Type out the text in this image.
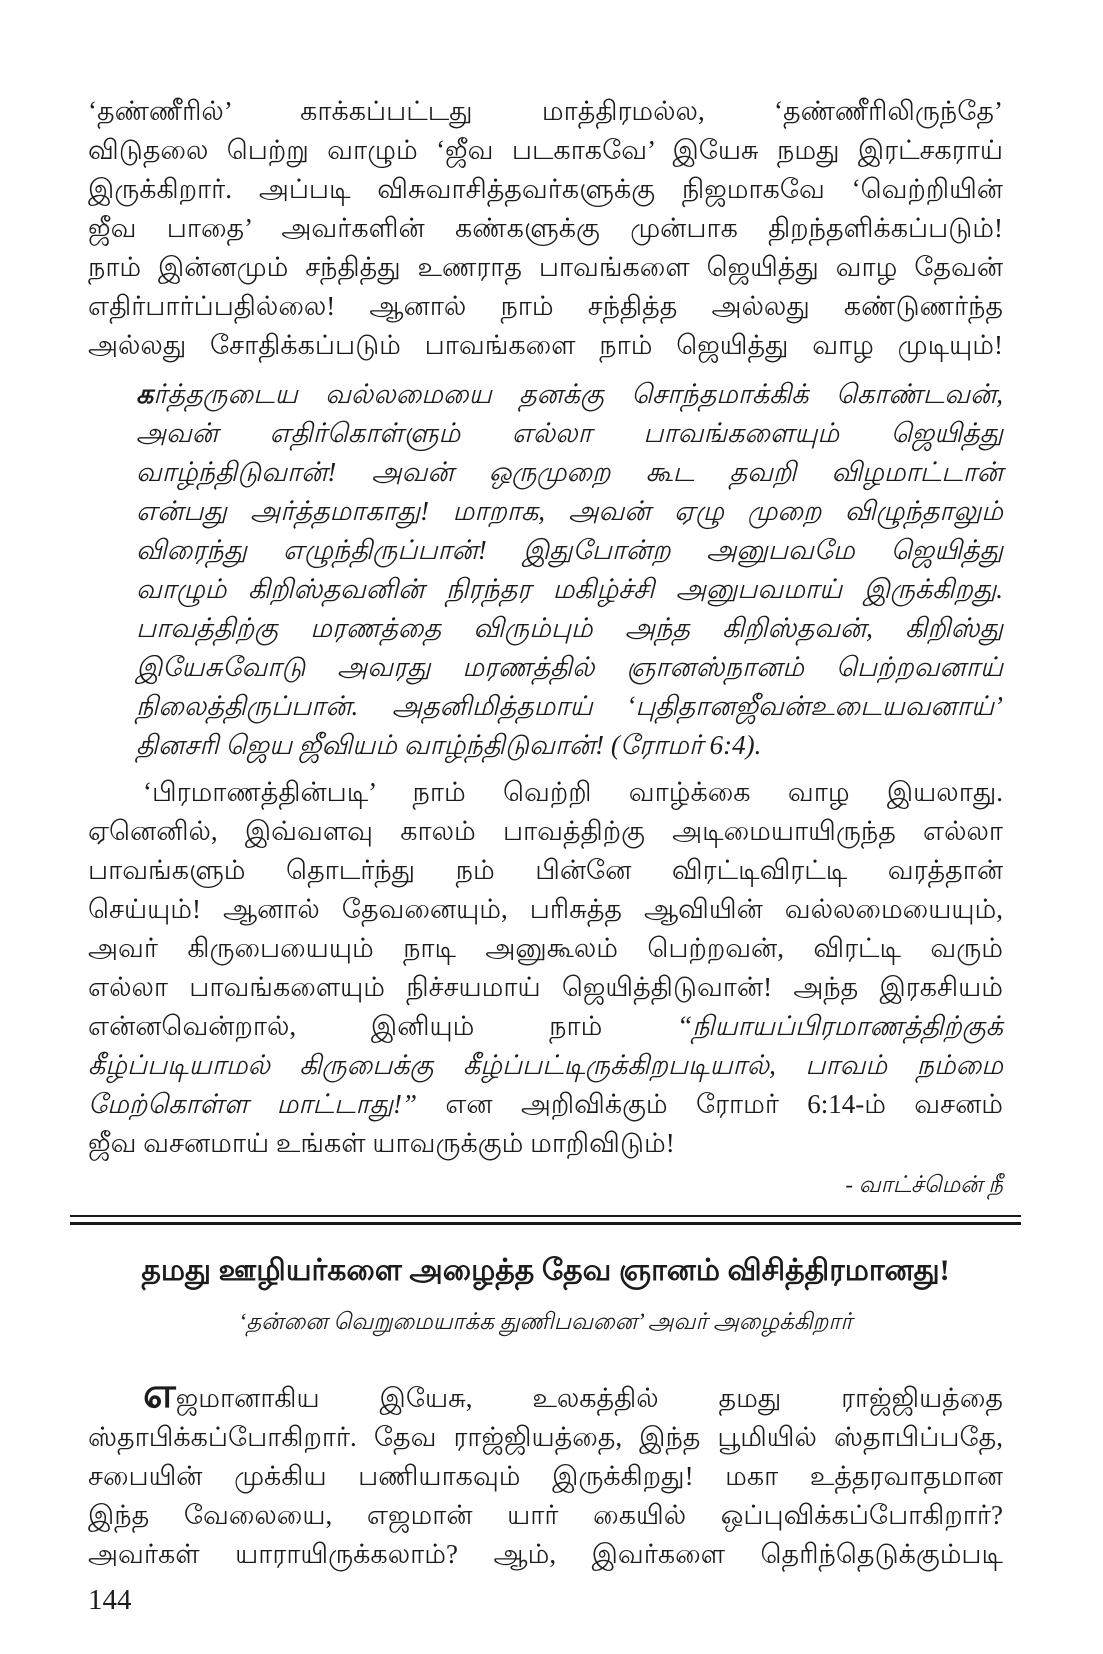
‘தண்ணீரில்’ காக்கப்பட்டது மாத்திரமல்ல, ‘தண்ணீரிலிருந்தே’
விடுதலை பெற்று வாழும் ‘ஜீவ படகாகவே’ இயேசு நமது இரட்சகராய்
இருக்கிறார். அப்படி விசுவாசித்தவர்களுக்கு நிஜமாகவே ‘வெற்றியின்
ஜீவ பாதை’ அவர்களின் கண்களுக்கு முன்பாக திறந்தளிக்கப்படும்!
நாம் இன்னமும் சந்தித்து உணராத பாவங்களை ஜெயித்து வாழ தேவன்
எதிர்பார்ப்பதில்லை! ஆனால் நாம் சந்தித்த அல்லது கண்டுணர்ந்த
அல்லது சோதிக்கப்படும் பாவங்களை நாம் ஜெயித்து வாழ முடியும்!
கர்த்தருடைய வல்லமையை தனக்கு சொந்தமாக்கிக் கொண்டவன்,
அவன் எதிர்கொள்ளும் எல்லா பாவங்களையும் ஜெயித்து
வாழ்ந்திடுவான்! அவன் ஒருமுறை கூட தவறி விழமாட்டான்
என்பது அர்த்தமாகாது! மாறாக, அவன் ஏழு முறை விழுந்தாலும்
விரைந்து எழுந்திருப்பான்! இதுபோன்ற அனுபவமே ஜெயித்து
வாழும் கிறிஸ்தவனின் நிரந்தர மகிழ்ச்சி அனுபவமாய் இருக்கிறது.
பாவத்திற்கு மரணத்தை விரும்பும் அந்த கிறிஸ்தவன், கிறிஸ்து
இயேசுவோடு அவரது மரணத்தில் ஞானஸ்நானம் பெற்றவனாய்
நிலைத்திருப்பான். அதனிமித்தமாய் ‘புதிதானஜீவன்உடையவனாய்’
தினசரி ஜெய ஜீவியம் வாழ்ந்திடுவான்! (ரோமர் 6:4).
‘பிரமாணத்தின்படி’ நாம் வெற்றி வாழ்க்கை வாழ இயலாது.
ஏனெனில், இவ்வளவு காலம் பாவத்திற்கு அடிமையாயிருந்த எல்லா
பாவங்களும் தொடர்ந்து நம் பின்னே விரட்டிவிரட்டி வரத்தான்
செய்யும்! ஆனால் தேவனையும், பரிசுத்த ஆவியின் வல்லமையையும்,
அவர் கிருபையையும் நாடி அனுகூலம் பெற்றவன், விரட்டி வரும்
எல்லா பாவங்களையும் நிச்சயமாய் ஜெயித்திடுவான்! அந்த இரகசியம்
என்னவென்றால், இனியும் நாம் “நியாயப்பிரமாணத்திற்குக்
கீழ்ப்படியாமல் கிருபைக்கு கீழ்ப்பட்டிருக்கிறபடியால், பாவம் நம்மை
மேற்கொள்ள மாட்டாது!” என அறிவிக்கும் ரோமர் 6:14-ம் வசனம்
ஜீவ வசனமாய் உங்கள் யாவருக்கும் மாறிவிடும்!
- வாட்ச்மென் நீ
தமது ஊழியர்களை அழைத்த தேவ ஞானம் விசித்திரமானது!
‘தன்னை வெறுமையாக்க துணிபவனை’ அவர் அழைக்கிறார்
எஜமானாகிய இயேசு, உலகத்தில் தமது ராஜ்ஜியத்தை
ஸ்தாபிக்கப்போகிறார். தேவ ராஜ்ஜியத்தை, இந்த பூமியில் ஸ்தாபிப்பதே,
சபையின் முக்கிய பணியாகவும் இருக்கிறது! மகா உத்தரவாதமான
இந்த வேலையை, எஜமான் யார் கையில் ஒப்புவிக்கப்போகிறார்?
அவர்கள் யாராயிருக்கலாம்? ஆம், இவர்களை தெரிந்தெடுக்கும்படி
144
